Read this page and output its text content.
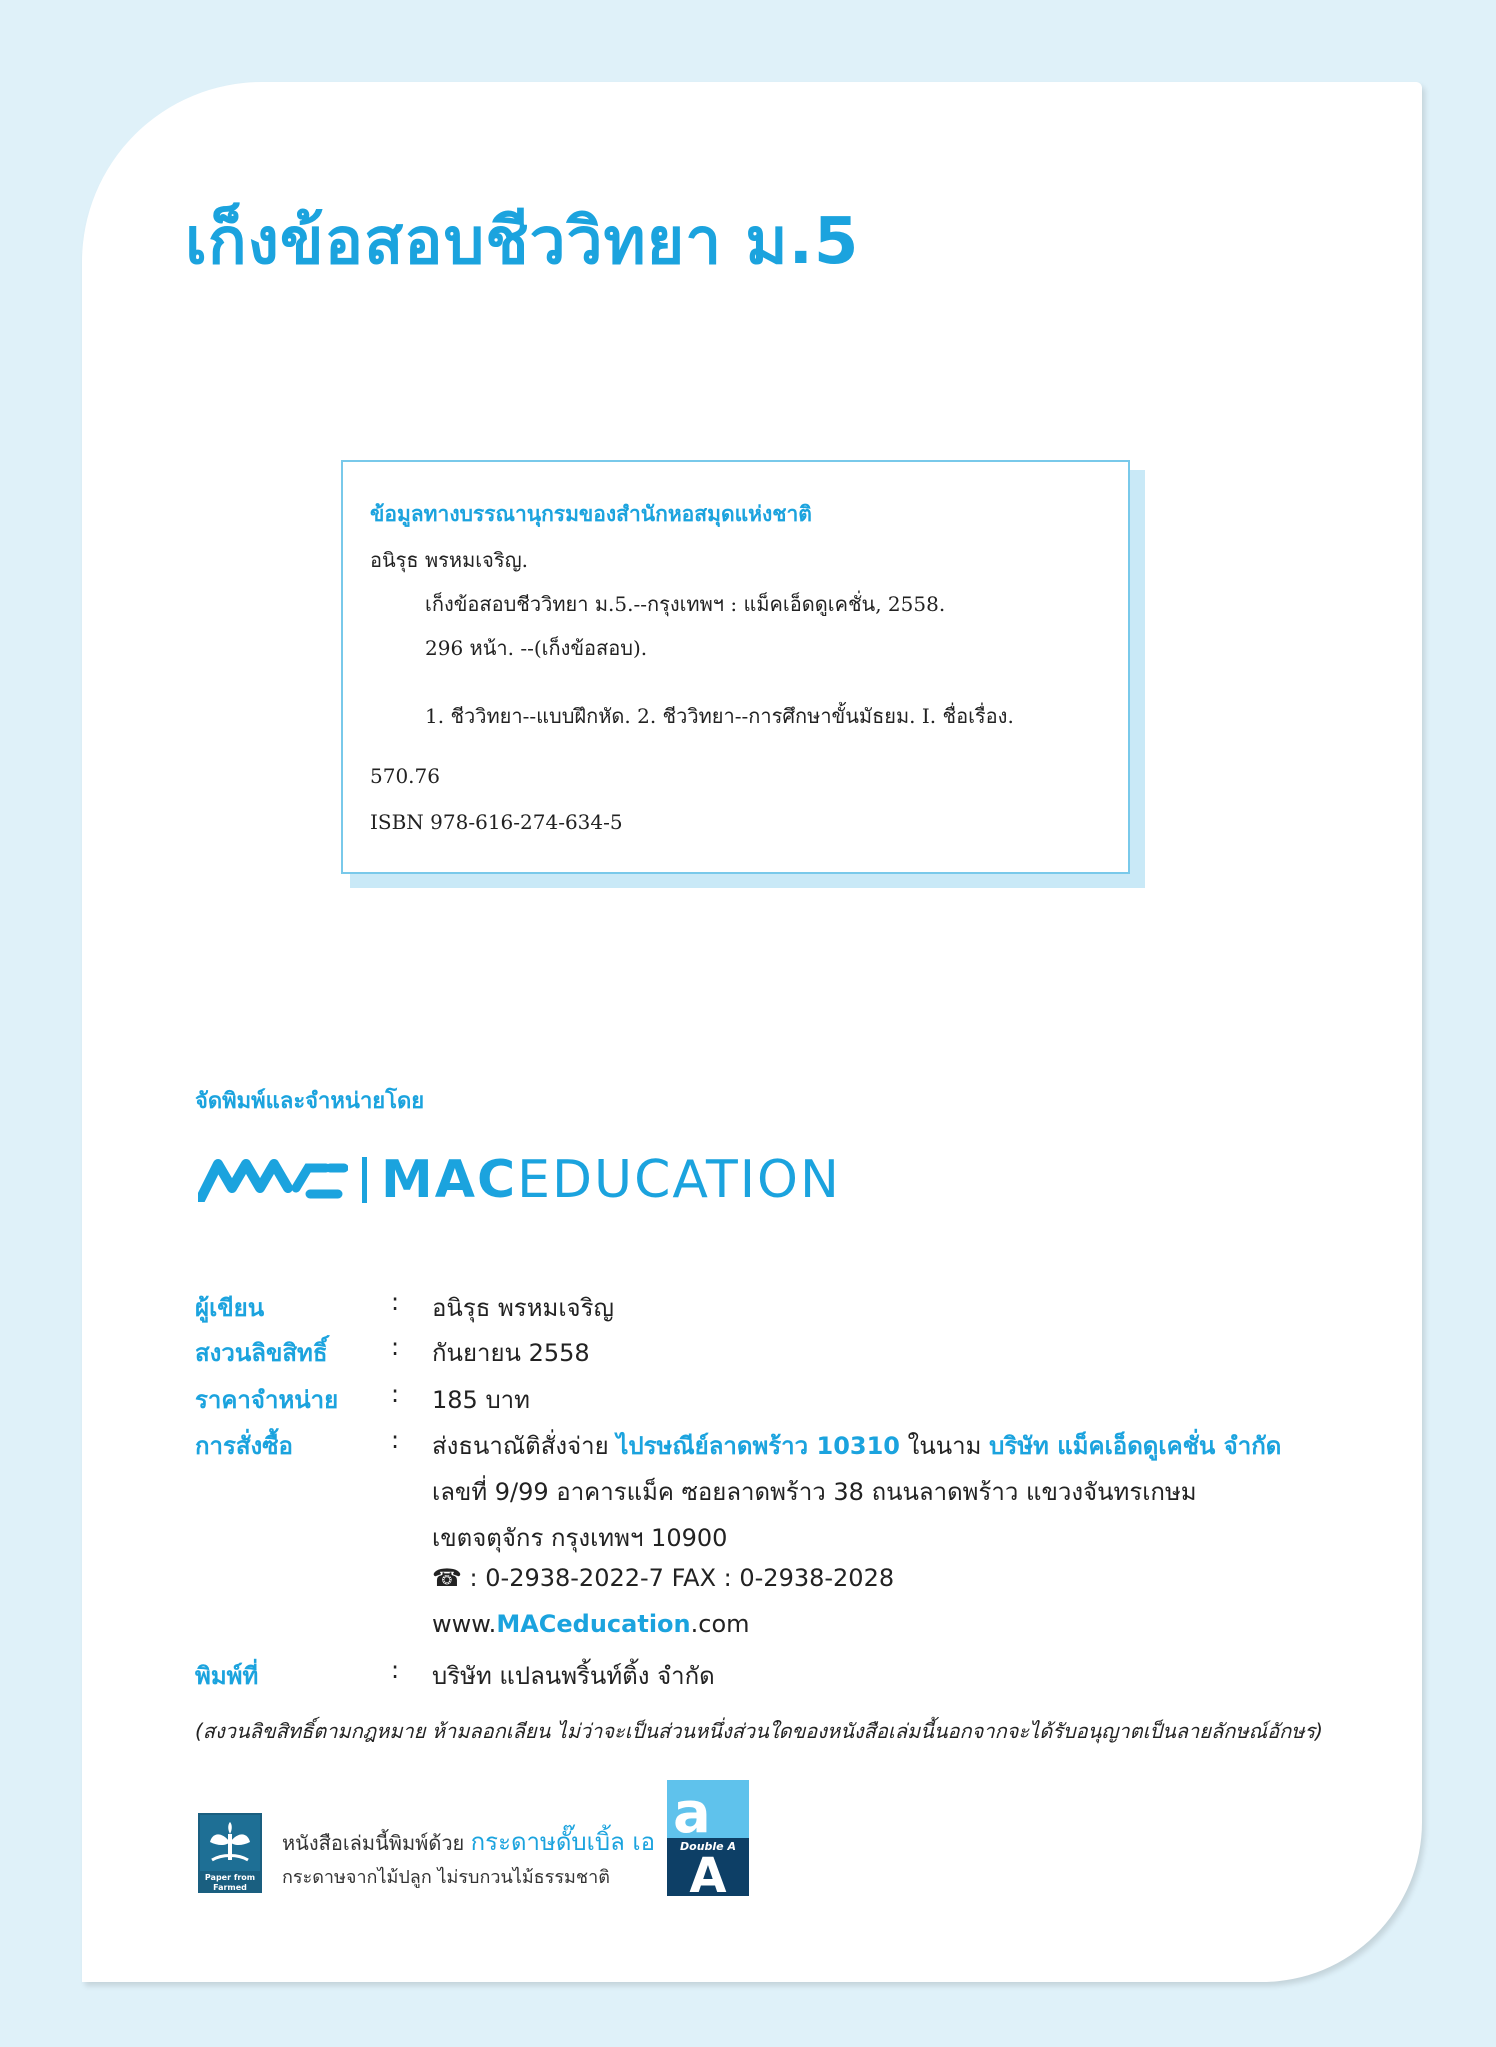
เก็งข้อสอบชีววิทยา ม.5
ข้อมูลทางบรรณานุกรมของสำนักหอสมุดแห่งชาติ
อนิรุธ พรหมเจริญ.
เก็งข้อสอบชีววิทยา ม.5.--กรุงเทพฯ : แม็คเอ็ดดูเคชั่น, 2558.
296 หน้า. --(เก็งข้อสอบ).
1. ชีววิทยา--แบบฝึกหัด. 2. ชีววิทยา--การศึกษาขั้นมัธยม. I. ชื่อเรื่อง.
570.76
ISBN 978-616-274-634-5
จัดพิมพ์และจำหน่ายโดย
MACEDUCATION
ผู้เขียน	: อนิรุธ พรหมเจริญ
สงวนลิขสิทธิ์	: กันยายน 2558
ราคาจำหน่าย : 185 บาท
การสั่งซื้อ	: ส่งธนาณัติสั่งจ่าย ไปรษณีย์ลาดพร้าว 10310 ในนาม บริษัท แม็คเอ็ดดูเคชั่น จำกัด
เลขที่ 9/99 อาคารแม็ค ซอยลาดพร้าว 38 ถนนลาดพร้าว แขวงจันทรเกษม
เขตจตุจักร กรุงเทพฯ 10900
☎ : 0-2938-2022-7 FAX : 0-2938-2028
www.MACeducation.com
พิมพ์ที่	: บริษัท แปลนพริ้นท์ติ้ง จำกัด
(สงวนลิขสิทธิ์ตามกฎหมาย ห้ามลอกเลียน ไม่ว่าจะเป็นส่วนหนึ่งส่วนใดของหนังสือเล่มนี้นอกจากจะได้รับอนุญาตเป็นลายลักษณ์อักษร)
Paper from Farmed Trees.
หนังสือเล่มนี้พิมพ์ด้วย กระดาษดั๊บเบิ้ล เอ
กระดาษจากไม้ปลูก ไม่รบกวนไม้ธรรมชาติ
a
Double A
A
